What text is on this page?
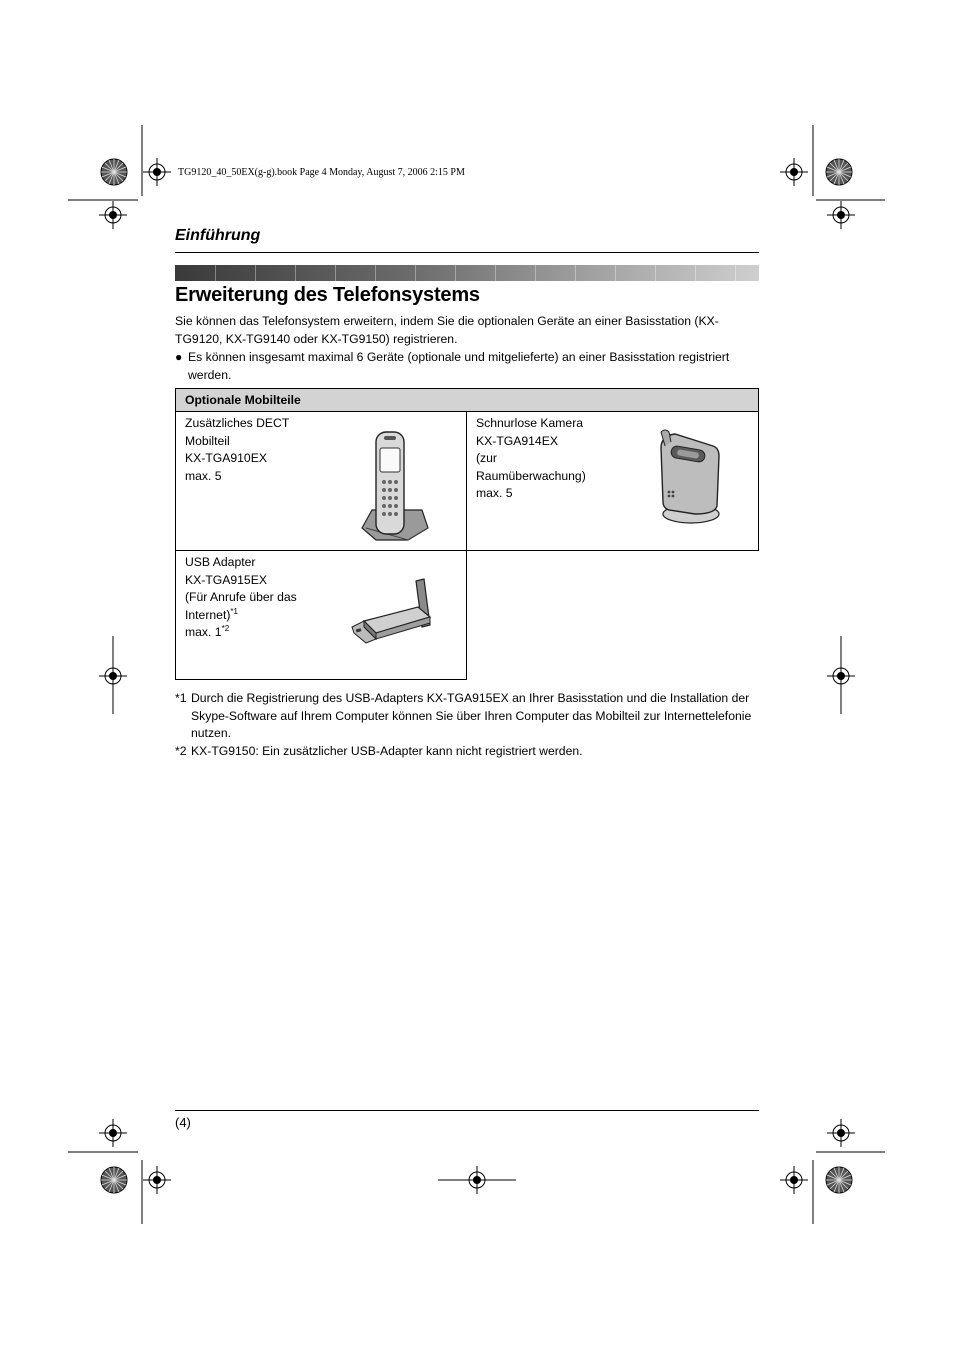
TG9120_40_50EX(g-g).book Page 4 Monday, August 7, 2006 2:15 PM
Einführung
Erweiterung des Telefonsystems
Sie können das Telefonsystem erweitern, indem Sie die optionalen Geräte an einer Basisstation (KX-TG9120, KX-TG9140 oder KX-TG9150) registrieren.
● Es können insgesamt maximal 6 Geräte (optionale und mitgelieferte) an einer Basisstation registriert werden.
Optionale Mobilteile
Zusätzliches DECT
Mobilteil
KX-TGA910EX
max. 5
Schnurlose Kamera
KX-TGA914EX
(zur
Raumüberwachung)
max. 5
USB Adapter
KX-TGA915EX
(Für Anrufe über das
Internet)$^{*1}$
max. 1$^{*2}$
*1 Durch die Registrierung des USB-Adapters KX-TGA915EX an Ihrer Basisstation und die Installation der Skype-Software auf Ihrem Computer können Sie über Ihren Computer das Mobilteil zur Internettelefonie nutzen.
*2 KX-TG9150: Ein zusätzlicher USB-Adapter kann nicht registriert werden.
(4)
